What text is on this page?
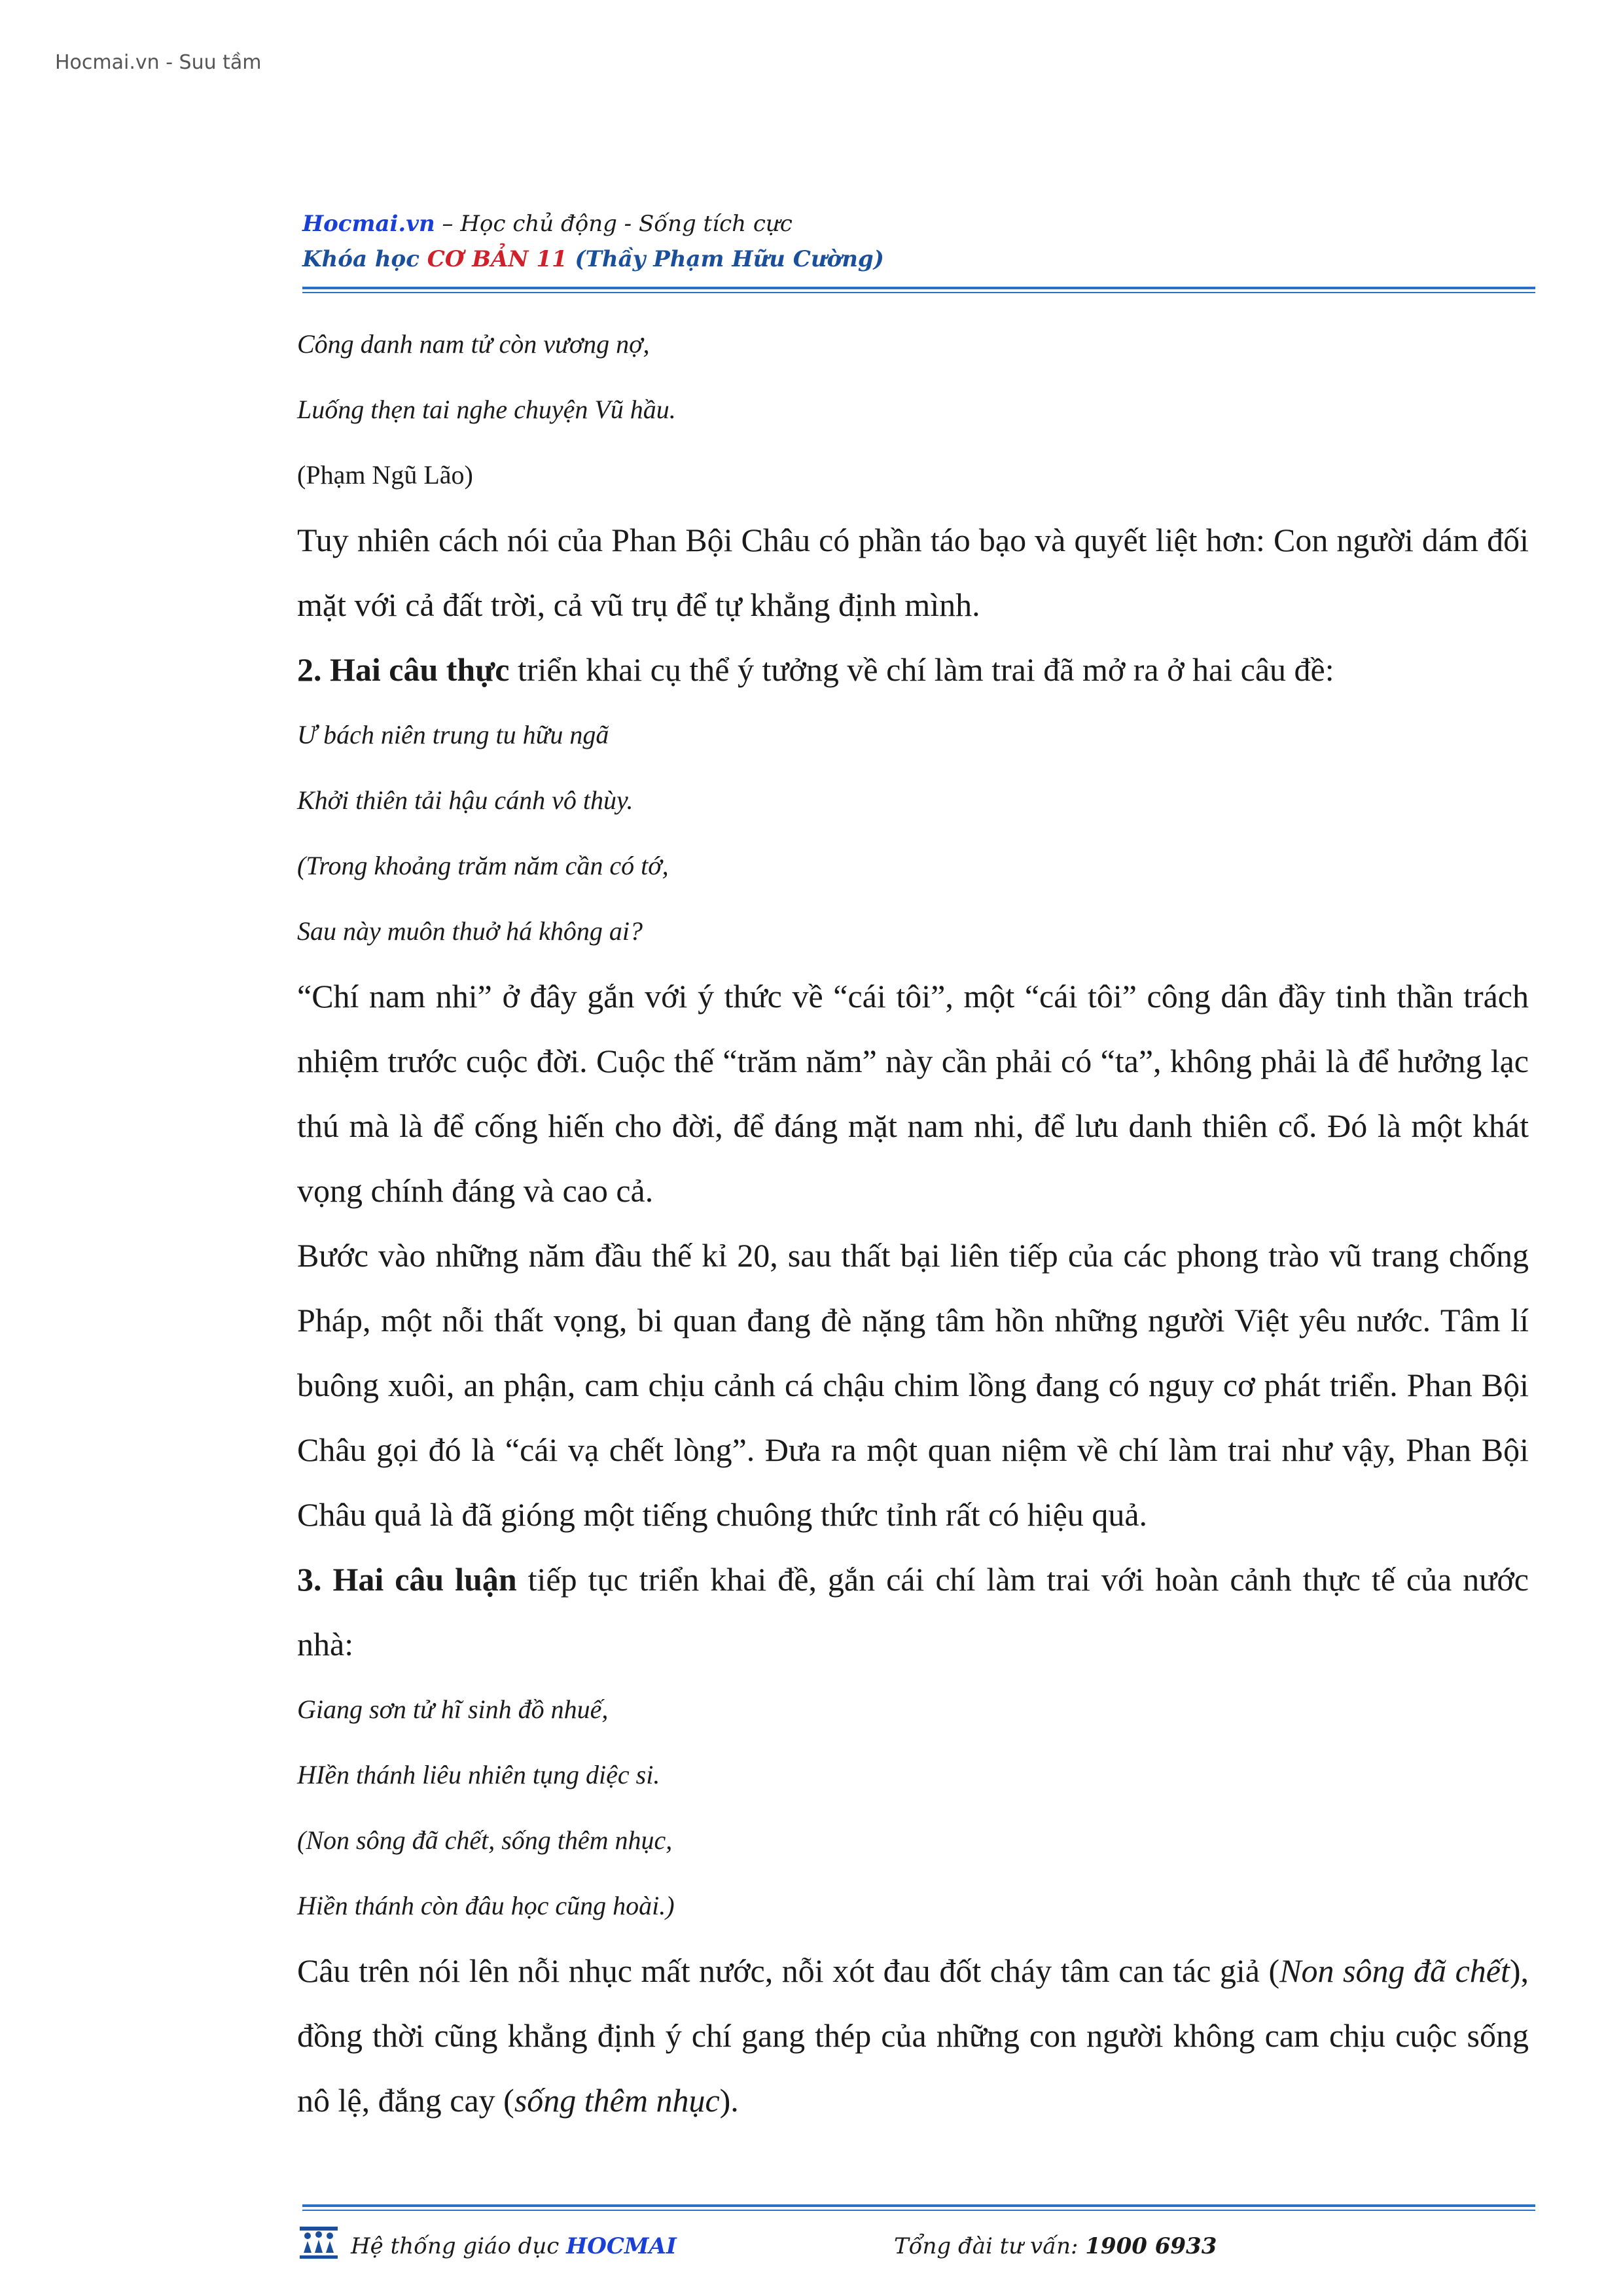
Hocmai.vn - Suu tầm
Hocmai.vn – Học chủ động - Sống tích cực
Khóa học CƠ BẢN 11 (Thầy Phạm Hữu Cường)

Công danh nam tử còn vương nợ,

Luống thẹn tai nghe chuyện Vũ hầu.

(Phạm Ngũ Lão)

Tuy nhiên cách nói của Phan Bội Châu có phần táo bạo và quyết liệt hơn: Con người dám đối mặt với cả đất trời, cả vũ trụ để tự khẳng định mình.

2. Hai câu thực triển khai cụ thể ý tưởng về chí làm trai đã mở ra ở hai câu đề:

Ư bách niên trung tu hữu ngã

Khởi thiên tải hậu cánh vô thùy.

(Trong khoảng trăm năm cần có tớ,

Sau này muôn thuở há không ai?

“Chí nam nhi” ở đây gắn với ý thức về “cái tôi”, một “cái tôi” công dân đầy tinh thần trách nhiệm trước cuộc đời. Cuộc thế “trăm năm” này cần phải có “ta”, không phải là để hưởng lạc thú mà là để cống hiến cho đời, để đáng mặt nam nhi, để lưu danh thiên cổ. Đó là một khát vọng chính đáng và cao cả.

Bước vào những năm đầu thế kỉ 20, sau thất bại liên tiếp của các phong trào vũ trang chống Pháp, một nỗi thất vọng, bi quan đang đè nặng tâm hồn những người Việt yêu nước. Tâm lí buông xuôi, an phận, cam chịu cảnh cá chậu chim lồng đang có nguy cơ phát triển. Phan Bội Châu gọi đó là “cái vạ chết lòng”. Đưa ra một quan niệm về chí làm trai như vậy, Phan Bội Châu quả là đã gióng một tiếng chuông thức tỉnh rất có hiệu quả.

3. Hai câu luận tiếp tục triển khai đề, gắn cái chí làm trai với hoàn cảnh thực tế của nước nhà:

Giang sơn tử hĩ sinh đồ nhuế,

HIền thánh liêu nhiên tụng diệc si.

(Non sông đã chết, sống thêm nhục,

Hiền thánh còn đâu học cũng hoài.)

Câu trên nói lên nỗi nhục mất nước, nỗi xót đau đốt cháy tâm can tác giả (Non sông đã chết), đồng thời cũng khẳng định ý chí gang thép của những con người không cam chịu cuộc sống nô lệ, đắng cay (sống thêm nhục).

Hệ thống giáo dục HOCMAI	Tổng đài tư vấn: 1900 6933
